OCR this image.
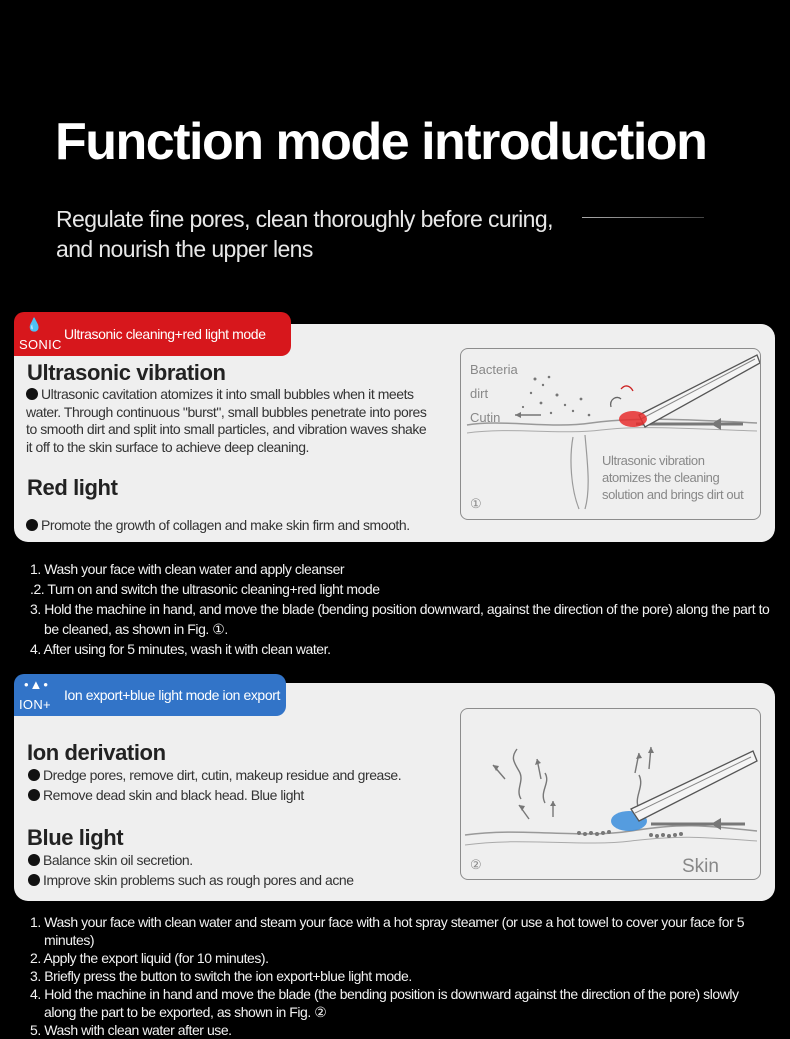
Function mode introduction
Regulate fine pores, clean thoroughly before curing, and nourish the upper lens
💧
SONIC
Ultrasonic cleaning+red light mode
Ultrasonic vibration
Ultrasonic cavitation atomizes it into small bubbles when it meets water. Through continuous "burst", small bubbles penetrate into pores to smooth dirt and split into small particles, and vibration waves shake it off to the skin surface to achieve deep cleaning.
Red light
Promote the growth of collagen and make skin firm and smooth.
Bacteria
dirt
Cutin
Ultrasonic vibration atomizes the cleaning solution and brings dirt out
①
1. Wash your face with clean water and apply cleanser
.2. Turn on and switch the ultrasonic cleaning+red light mode
3. Hold the machine in hand, and move the blade (bending position downward, against the direction of the pore) along the part to be cleaned, as shown in Fig. ①.
4. After using for 5 minutes, wash it with clean water.
•▲•
ION+
Ion export+blue light mode ion export
Ion derivation
Dredge pores, remove dirt, cutin, makeup residue and grease.
Remove dead skin and black head. Blue light
Blue light
Balance skin oil secretion.
Improve skin problems such as rough pores and acne
Skin
②
1. Wash your face with clean water and steam your face with a hot spray steamer (or use a hot towel to cover your face for 5 minutes)
2. Apply the export liquid (for 10 minutes).
3. Briefly press the button to switch the ion export+blue light mode.
4. Hold the machine in hand and move the blade (the bending position is downward against the direction of the pore) slowly along the part to be exported, as shown in Fig. ②
5. Wash with clean water after use.
